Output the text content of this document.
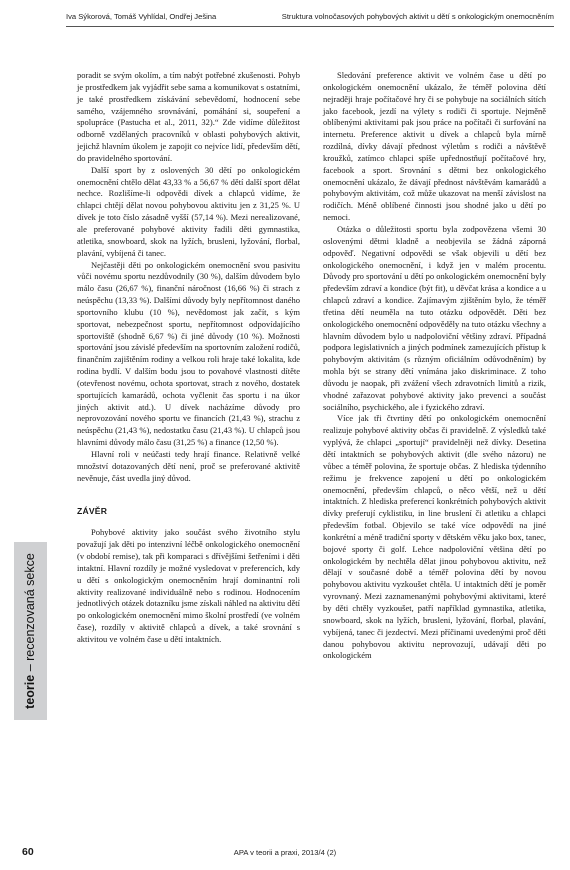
Iva Sýkorová, Tomáš Vyhlídal, Ondřej Ješina	Struktura volnočasových pohybových aktivit u dětí s onkologickým onemocněním

poradit se svým okolím, a tím nabýt potřebné zkušenosti. Pohyb je prostředkem jak vyjádřit sebe sama a komunikovat s ostatními, je také prostředkem získávání sebevědomí, hodnocení sebe samého, vzájemného srovnávání, pomáhání si, soupeření a spolupráce (Pastucha et al., 2011, 32).“ Zde vidíme důležitost odborně vzdělaných pracovníků v oblasti pohybových aktivit, jejichž hlavním úkolem je zapojit co nejvíce lidí, především dětí, do pravidelného sportování.

Další sport by z oslovených 30 dětí po onkologickém onemocnění chtělo dělat 43,33 % a 56,67 % dětí další sport dělat nechce. Rozlišíme-li odpovědi dívek a chlapců vidíme, že chlapci chtějí dělat novou pohybovou aktivitu jen z 31,25 %. U dívek je toto číslo zásadně vyšší (57,14 %). Mezi nerealizované, ale preferované pohybové aktivity řadili děti gymnastika, atletika, snowboard, skok na lyžích, brusleni, lyžování, florbal, plavání, vybíjená či tanec.

Nejčastěji děti po onkologickém onemocnění svou pasivitu vůči novému sportu nezdůvodnily (30 %), dalším důvodem bylo málo času (26,67 %), finanční náročnost (16,66 %) či strach z neúspěchu (13,33 %). Dalšími důvody byly nepřítomnost daného sportovního klubu (10 %), nevědomost jak začít, s kým sportovat, nebezpečnost sportu, nepřítomnost odpovídajícího sportoviště (shodně 6,67 %) či jiné důvody (10 %). Možnosti sportování jsou závislé především na sportovním založení rodičů, finančním zajištěním rodiny a velkou roli hraje také lokalita, kde rodina bydlí. V dalším bodu jsou to povahové vlastnosti dítěte (otevřenost novému, ochota sportovat, strach z nového, dostatek sportujících kamarádů, ochota vyčlenit čas sportu i na úkor jiných aktivit atd.). U dívek nacházíme důvody pro neprovozování nového sportu ve financích (21,43 %), strachu z neúspěchu (21,43 %), nedostatku času (21,43 %). U chlapců jsou hlavními důvody málo času (31,25 %) a finance (12,50 %).

Hlavní roli v neúčasti tedy hrají finance. Relativně velké množství dotazovaných dětí není, proč se preferované aktivitě nevěnuje, část uvedla jiný důvod.

ZÁVĚR

Pohybové aktivity jako součást svého životního stylu považují jak děti po intenzivní léčbě onkologického onemocnění (v období remise), tak při komparaci s dřívějšími šetřeními i děti intaktní. Hlavní rozdíly je možné vysledovat v preferencích, kdy u dětí s onkologickým onemocněním hrají dominantní roli aktivity realizované individuálně nebo s rodinou. Hodnocením jednotlivých otázek dotazníku jsme získali náhled na aktivitu dětí po onkologickém onemocnění mimo školní prostředí (ve volném čase), rozdíly v aktivitě chlapců a dívek, a také srovnání s aktivitou ve volném čase u dětí intaktních.

Sledování preference aktivit ve volném čase u dětí po onkologickém onemocnění ukázalo, že téměř polovina dětí nejraději hraje počítačové hry či se pohybuje na sociálních sítích jako facebook, jezdí na výlety s rodiči či sportuje. Nejměně oblíbenými aktivitami pak jsou práce na počítači či surfování na internetu. Preference aktivit u dívek a chlapců byla mírně rozdílná, dívky dávají přednost výletům s rodiči a návštěvě kroužků, zatímco chlapci spíše upřednostňují počítačové hry, facebook a sport. Srovnání s dětmi bez onkologického onemocnění ukázalo, že dávají přednost návštěvám kamarádů a pohybovým aktivitám, což může ukazovat na menší závislost na rodičích. Méně oblíbené činnosti jsou shodné jako u dětí po nemoci.

Otázka o důležitosti sportu byla zodpovězena všemi 30 oslovenými dětmi kladně a neobjevila se žádná záporná odpověď. Negativní odpovědi se však objevili u dětí bez onkologického onemocnění, i když jen v malém procentu. Důvody pro sportování u dětí po onkologickém onemocnění byly především zdraví a kondice (být fit), u děvčat krása a kondice a u chlapců zdraví a kondice. Zajímavým zjištěním bylo, že téměř třetina dětí neuměla na tuto otázku odpovědět. Děti bez onkologického onemocnění odpověděly na tuto otázku všechny a hlavním důvodem bylo u nadpoloviční většiny zdraví. Případná podpora legislativních a jiných podmínek zamezujících přístup k pohybovým aktivitám (s různým oficiálním odůvodněním) by mohla být se strany dětí vnímána jako diskriminace. Z toho důvodu je naopak, při zvážení všech zdravotních limitů a rizik, vhodné zařazovat pohybové aktivity jako prevenci a součást sociálního, psychického, ale i fyzického zdraví.

Více jak tři čtvrtiny dětí po onkologickém onemocnění realizuje pohybové aktivity občas či pravidelně. Z výsledků také vyplývá, že chlapci „sportují“ pravidelněji než dívky. Desetina dětí intaktních se pohybových aktivit (dle svého názoru) ne vůbec a téměř polovina, že sportuje občas. Z hlediska týdenního režimu je frekvence zapojení u dětí po onkologickém onemocnění, především chlapců, o něco větší, než u dětí intaktních. Z hlediska preferencí konkrétních pohybových aktivit dívky preferují cyklistiku, in line bruslení či atletiku a chlapci především fotbal. Objevilo se také více odpovědí na jiné konkrétní a méně tradiční sporty v dětském věku jako box, tanec, bojové sporty či golf. Lehce nadpoloviční většina dětí po onkologickém by nechtěla dělat jinou pohybovou aktivitu, než dělají v současné době a téměř polovina dětí by novou pohybovou aktivitu vyzkoušet chtěla. U intaktních dětí je poměr vyrovnaný. Mezi zaznamenanými pohybovými aktivitami, které by děti chtěly vyzkoušet, patří například gymnastika, atletika, snowboard, skok na lyžích, brusleni, lyžování, florbal, plavání, vybíjená, tanec či jezdectví. Mezi příčinami uvedenými proč děti danou pohybovou aktivitu neprovozují, udávají děti po onkologickém

teorie – recenzovaná sekce
60	APA v teorii a praxi, 2013/4 (2)
